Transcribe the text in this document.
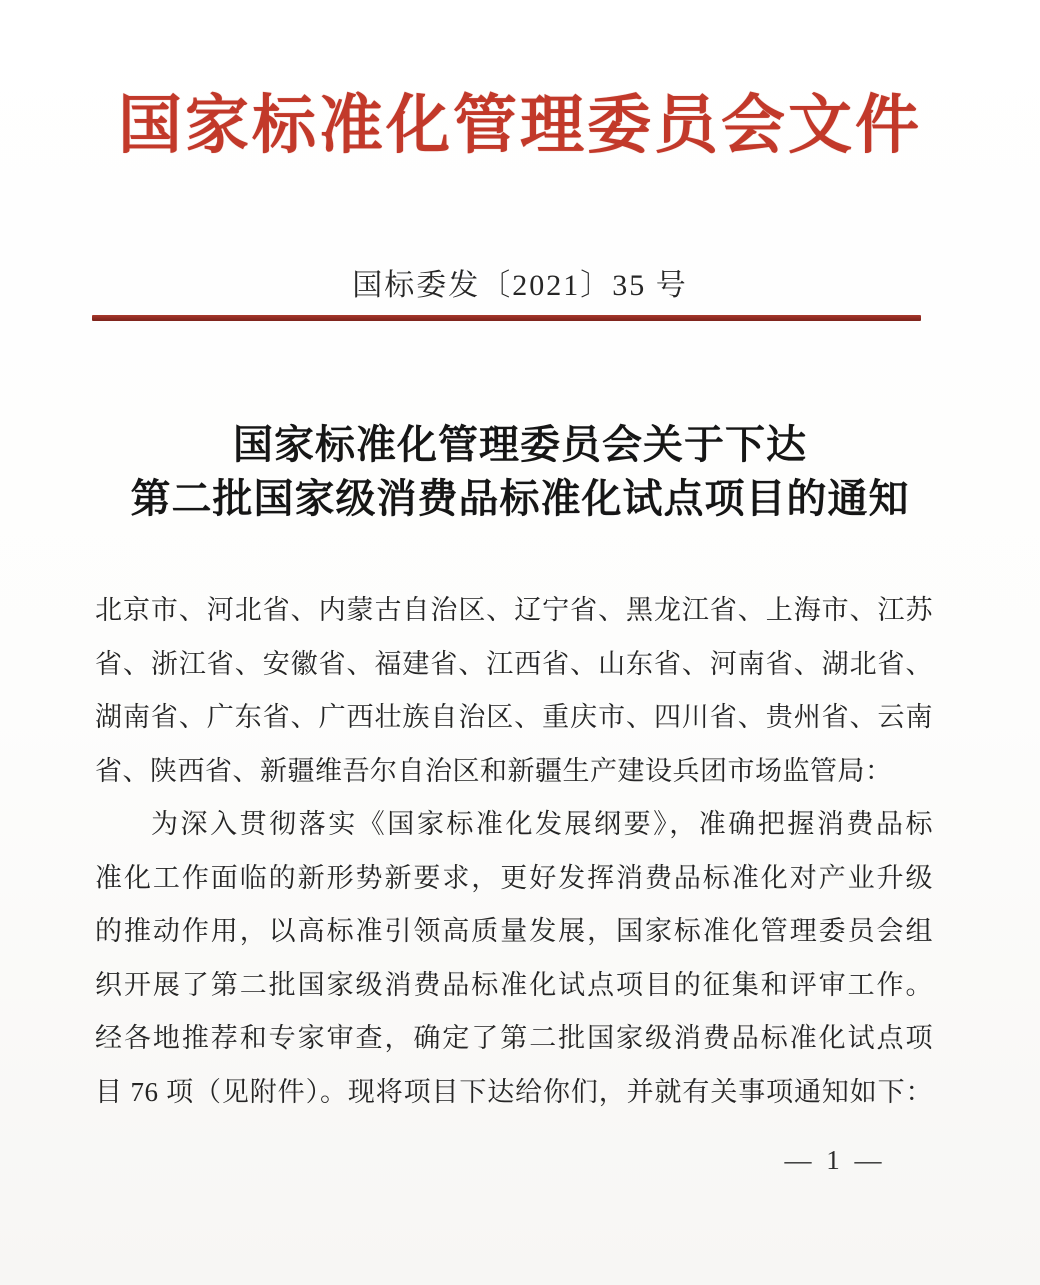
国家标准化管理委员会文件
国标委发〔2021〕35 号
国家标准化管理委员会关于下达
第二批国家级消费品标准化试点项目的通知
北京市、河北省、内蒙古自治区、辽宁省、黑龙江省、上海市、江苏
省、浙江省、安徽省、福建省、江西省、山东省、河南省、湖北省、
湖南省、广东省、广西壮族自治区、重庆市、四川省、贵州省、云南
省、陕西省、新疆维吾尔自治区和新疆生产建设兵团市场监管局：
为深入贯彻落实《国家标准化发展纲要》，准确把握消费品标
准化工作面临的新形势新要求，更好发挥消费品标准化对产业升级
的推动作用，以高标准引领高质量发展，国家标准化管理委员会组
织开展了第二批国家级消费品标准化试点项目的征集和评审工作。
经各地推荐和专家审查，确定了第二批国家级消费品标准化试点项
目 76 项（见附件）。现将项目下达给你们，并就有关事项通知如下：
— 1 —
